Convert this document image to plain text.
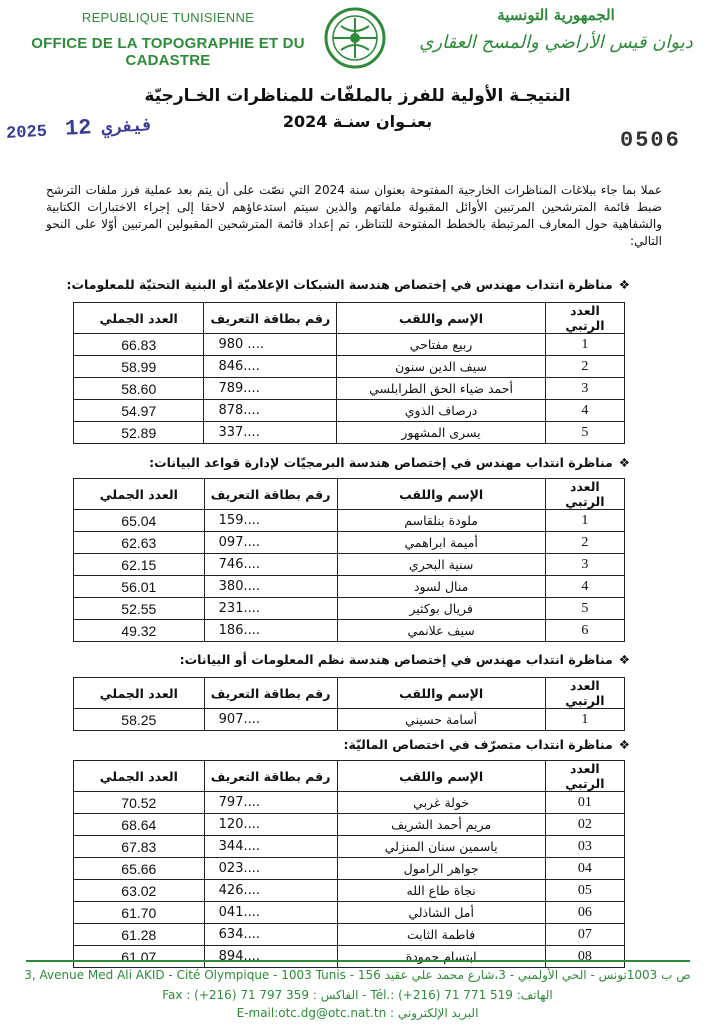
REPUBLIQUE TUNISIENNE
OFFICE DE LA TOPOGRAPHIE ET DU CADASTRE
الجمهورية التونسية
ديوان قيس الأراضي والمسح العقاري
النتيجـة الأولية للفرز بالملفّات للمناظرات الخـارجيّة
بعنـوان سنـة 2024
2025 فيفري 12	0506
عملا بما جاء ببلاغات المناظرات الخارجية المفتوحة بعنوان سنة 2024 التي نصّت على أن يتم بعد عملية فرز ملفات الترشح ضبط قائمة المترشحين المرتبين الأوائل المقبولة ملفاتهم والذين سيتم استدعاؤهم لاحقا إلى إجراء الاختبارات الكتابية والشفاهية حول المعارف المرتبطة بالخطط المفتوحة للتناظر، تم إعداد قائمة المترشحين المقبولين المرتبين أوّلا على النحو التالي:
❖مناظرة انتداب مهندس في إختصاص هندسة الشبكات الإعلاميّة أو البنية التحتيّة للمعلومات:
العدد الرتبي	الإسم واللقب	رقم بطاقة التعريف	العدد الجملي
1	ربيع مفتاحي	980 ....	66.83
2	سيف الدين سنون	846....	58.99
3	أحمد ضياء الحق الطرابلسي	789....	58.60
4	درصاف الذوي	878....	54.97
5	يسرى المشهور	337....	52.89
❖مناظرة انتداب مهندس في إختصاص هندسة البرمجيّات لإدارة قواعد البيانات:
العدد الرتبي	الإسم واللقب	رقم بطاقة التعريف	العدد الجملي
1	ملودة بنلقاسم	159....	65.04
2	أميمة ابراهمي	097....	62.63
3	سنية البحري	746....	62.15
4	منال لسود	380....	56.01
5	فريال بوكثير	231....	52.55
6	سيف علانمي	186....	49.32
❖مناظرة انتداب مهندس في إختصاص هندسة نظم المعلومات أو البيانات:
العدد الرتبي	الإسم واللقب	رقم بطاقة التعريف	العدد الجملي
1	أسامة حسيني	907....	58.25
❖مناظرة انتداب متصرّف في اختصاص الماليّة:
العدد الرتبي	الإسم واللقب	رقم بطاقة التعريف	العدد الجملي
01	خولة غربي	797....	70.52
02	مريم أحمد الشريف	120....	68.64
03	ياسمين سنان المنزلي	344....	67.83
04	جواهر الرامول	023....	65.66
05	نجاة طاع الله	426....	63.02
06	أمل الشاذلي	041....	61.70
07	فاطمة الثابت	634....	61.28
08	ابتسام حمودة	894....	61.07
3, Avenue Med Ali AKID - Cité Olympique - 1003 Tunis - 156 ص ب 1003تونس - الحي الأولمبي - 3،شارع محمد علي عقيد
Fax : (+216) 71 797 359 : الفاكس - Tél.: (+216) 71 771 519 :الهاتف
E-mail:otc.dg@otc.nat.tn : البريد الإلكتروني
